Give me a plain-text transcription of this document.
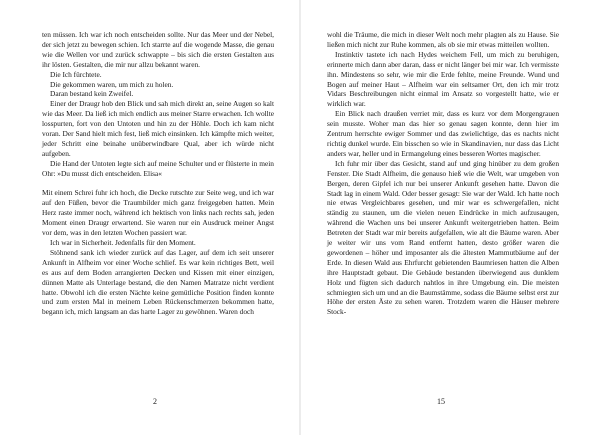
ten müssen. Ich war ich noch entscheiden sollte. Nur das Meer und der Nebel, der sich jetzt zu bewegen schien. Ich starrte auf die wogende Masse, die genau wie die Wellen vor und zurück schwappte – bis sich die ersten Gestalten aus ihr lösten. Gestalten, die mir nur allzu bekannt waren.

Die Ich fürchtete.

Die gekommen waren, um mich zu holen.

Daran bestand kein Zweifel.

Einer der Draugr hob den Blick und sah mich direkt an, seine Augen so kalt wie das Meer. Da ließ ich mich endlich aus meiner Starre erwachen. Ich wollte losspurten, fort von den Untoten und hin zu der Höhle. Doch ich kam nicht voran. Der Sand hielt mich fest, ließ mich einsinken. Ich kämpfte mich weiter, jeder Schritt eine beinahe unüberwindbare Qual, aber ich würde nicht aufgeben.

Die Hand der Untoten legte sich auf meine Schulter und er flüsterte in mein Ohr: »Du musst dich entscheiden. Elisa«

Mit einem Schrei fuhr ich hoch, die Decke rutschte zur Seite weg, und ich war auf den Füßen, bevor die Traumbilder mich ganz freigegeben hatten. Mein Herz raste immer noch, während ich hektisch von links nach rechts sah, jeden Moment einen Draugr erwartend. Sie waren nur ein Ausdruck meiner Angst vor dem, was in den letzten Wochen passiert war.

Ich war in Sicherheit. Jedenfalls für den Moment.

Stöhnend sank ich wieder zurück auf das Lager, auf dem ich seit unserer Ankunft in Alfheim vor einer Woche schlief. Es war kein richtiges Bett, weil es aus auf dem Boden arrangierten Decken und Kissen mit einer einzigen, dünnen Matte als Unterlage bestand, die den Namen Matratze nicht verdient hatte. Obwohl ich die ersten Nächte keine gemütliche Position finden konnte und zum ersten Mal in meinem Leben Rückenschmerzen bekommen hatte, begann ich, mich langsam an das harte Lager zu gewöhnen. Waren doch

wohl die Träume, die mich in dieser Welt noch mehr plagten als zu Hause. Sie ließen mich nicht zur Ruhe kommen, als ob sie mir etwas mitteilen wollten.

Instinktiv tastete ich nach Hydes weichem Fell, um mich zu beruhigen, erinnerte mich dann aber daran, dass er nicht länger bei mir war. Ich vermisste ihn. Mindestens so sehr, wie mir die Erde fehlte, meine Freunde. Wund und Bogen auf meiner Haut – Alfheim war ein seltsamer Ort, den ich mir trotz Vidars Beschreibungen nicht einmal im Ansatz so vorgestellt hatte, wie er wirklich war.

Ein Blick nach draußen verriet mir, dass es kurz vor dem Morgengrauen sein musste. Woher man das hier so genau sagen konnte, denn hier im Zentrum herrschte ewiger Sommer und das zwielichtige, das es nachts nicht richtig dunkel wurde. Ein bisschen so wie in Skandinavien, nur dass das Licht anders war, heller und in Ermangelung eines besseren Wortes magischer.

Ich fuhr mir über das Gesicht, stand auf und ging hinüber zu dem großen Fenster. Die Stadt Alfheim, die genauso hieß wie die Welt, war umgeben von Bergen, deren Gipfel ich nur bei unserer Ankunft gesehen hatte. Davon die Stadt lag in einem Wald. Oder besser gesagt: Sie war der Wald. Ich hatte noch nie etwas Vergleichbares gesehen, und mir war es schwergefallen, nicht ständig zu staunen, um die vielen neuen Eindrücke in mich aufzusaugen, während die Wachen uns bei unserer Ankunft weitergetrieben hatten. Beim Betreten der Stadt war mir bereits aufgefallen, wie alt die Bäume waren. Aber je weiter wir uns vom Rand entfernt hatten, desto größer waren die gewordenen – höher und imposanter als die ältesten Mammutbäume auf der Erde. In diesen Wald aus Ehrfurcht gebietenden Baumriesen hatten die Alben ihre Hauptstadt gebaut. Die Gebäude bestanden überwiegend aus dunklem Holz und fügten sich dadurch nahtlos in ihre Umgebung ein. Die meisten schmiegten sich um und an die Baumstämme, sodass die Bäume selbst erst zur Höhe der ersten Äste zu sehen waren. Trotzdem waren die Häuser mehrere Stock-

2	15
